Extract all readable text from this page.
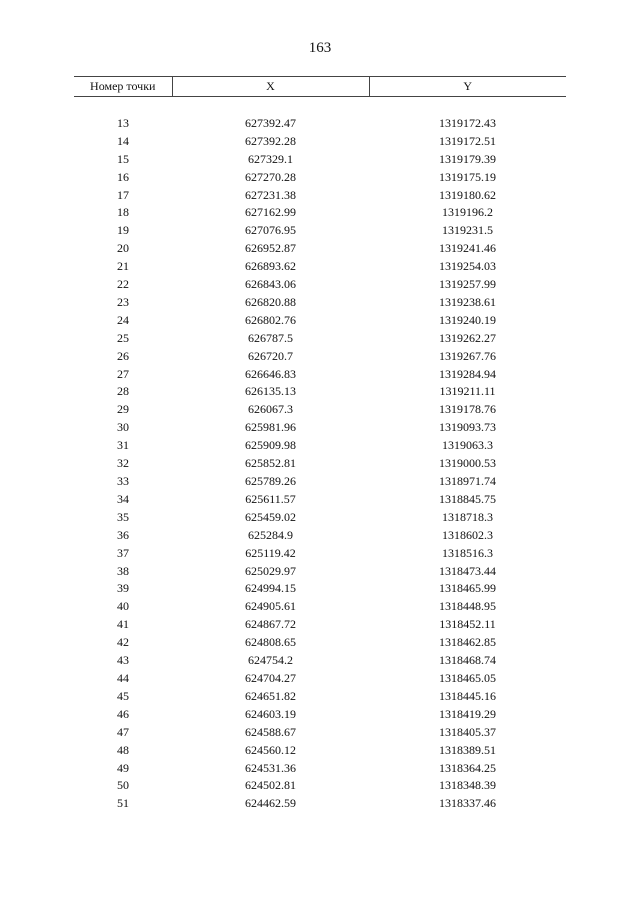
163
Номер точки	X	Y

13	627392.47	1319172.43
14	627392.28	1319172.51
15	627329.1	1319179.39
16	627270.28	1319175.19
17	627231.38	1319180.62
18	627162.99	1319196.2
19	627076.95	1319231.5
20	626952.87	1319241.46
21	626893.62	1319254.03
22	626843.06	1319257.99
23	626820.88	1319238.61
24	626802.76	1319240.19
25	626787.5	1319262.27
26	626720.7	1319267.76
27	626646.83	1319284.94
28	626135.13	1319211.11
29	626067.3	1319178.76
30	625981.96	1319093.73
31	625909.98	1319063.3
32	625852.81	1319000.53
33	625789.26	1318971.74
34	625611.57	1318845.75
35	625459.02	1318718.3
36	625284.9	1318602.3
37	625119.42	1318516.3
38	625029.97	1318473.44
39	624994.15	1318465.99
40	624905.61	1318448.95
41	624867.72	1318452.11
42	624808.65	1318462.85
43	624754.2	1318468.74
44	624704.27	1318465.05
45	624651.82	1318445.16
46	624603.19	1318419.29
47	624588.67	1318405.37
48	624560.12	1318389.51
49	624531.36	1318364.25
50	624502.81	1318348.39
51	624462.59	1318337.46
